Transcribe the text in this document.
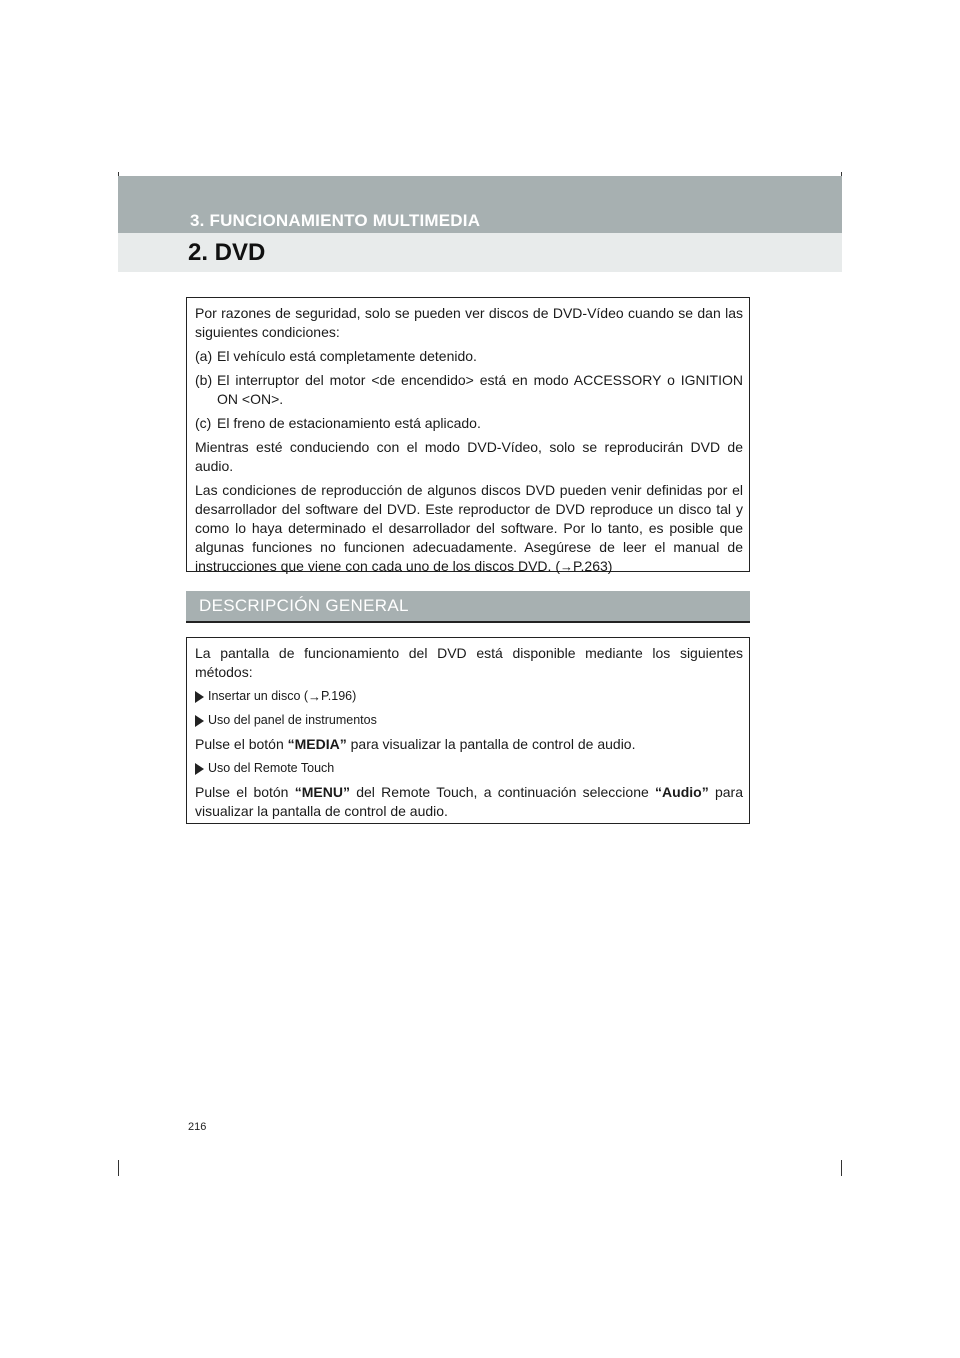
3. FUNCIONAMIENTO MULTIMEDIA
2. DVD

Por razones de seguridad, solo se pueden ver discos de DVD-Vídeo cuando se dan las siguientes condiciones:

(a) El vehículo está completamente detenido.
(b) El interruptor del motor <de encendido> está en modo ACCESSORY o IGNITION ON <ON>.
(c) El freno de estacionamiento está aplicado.

Mientras esté conduciendo con el modo DVD-Vídeo, solo se reproducirán DVD de audio.

Las condiciones de reproducción de algunos discos DVD pueden venir definidas por el desarrollador del software del DVD. Este reproductor de DVD reproduce un disco tal y como lo haya determinado el desarrollador del software. Por lo tanto, es posible que algunas funciones no funcionen adecuadamente. Asegúrese de leer el manual de instrucciones que viene con cada uno de los discos DVD. (→P.263)

DESCRIPCIÓN GENERAL

La pantalla de funcionamiento del DVD está disponible mediante los siguientes métodos:

Insertar un disco ( → P.196)
Uso del panel de instrumentos

Pulse el botón “MEDIA” para visualizar la pantalla de control de audio.

Uso del Remote Touch

Pulse el botón “MENU” del Remote Touch, a continuación seleccione “Audio” para visualizar la pantalla de control de audio.

216
